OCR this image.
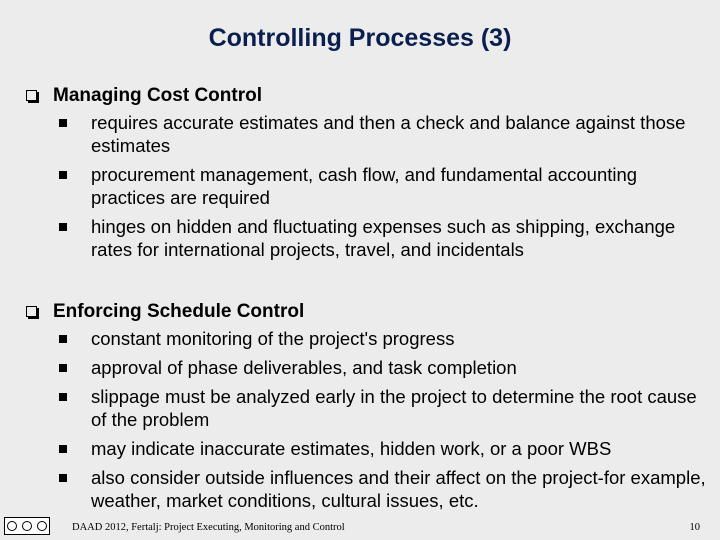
Controlling Processes (3)
Managing Cost Control
requires accurate estimates and then a check and balance against those estimates
procurement management, cash flow, and fundamental accounting practices are required
hinges on hidden and fluctuating expenses such as shipping, exchange rates for international projects, travel, and incidentals
Enforcing Schedule Control
constant monitoring of the project's progress
approval of phase deliverables, and task completion
slippage must be analyzed early in the project to determine the root cause of the problem
may indicate inaccurate estimates, hidden work, or a poor WBS
also consider outside influences and their affect on the project-for example, weather, market conditions, cultural issues, etc.
DAAD 2012, Fertalj: Project Executing, Monitoring and Control	10
